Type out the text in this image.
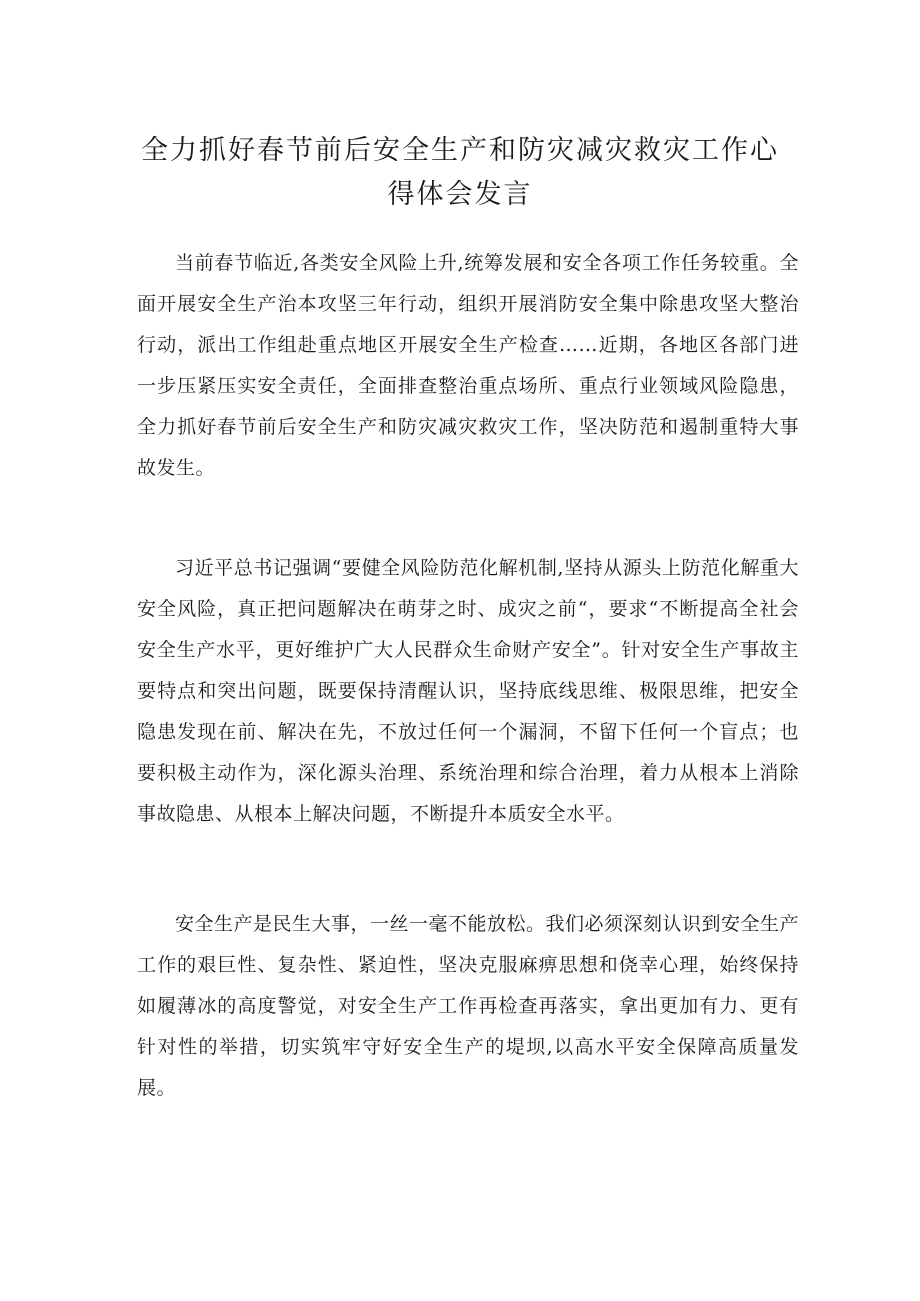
全力抓好春节前后安全生产和防灾减灾救灾工作心
得体会发言

当前春节临近,各类安全风险上升,统筹发展和安全各项工作任务较重。全面开展安全生产治本攻坚三年行动，组织开展消防安全集中除患攻坚大整治行动，派出工作组赴重点地区开展安全生产检查……近期，各地区各部门进一步压紧压实安全责任，全面排查整治重点场所、重点行业领域风险隐患，全力抓好春节前后安全生产和防灾减灾救灾工作，坚决防范和遏制重特大事故发生。

习近平总书记强调“要健全风险防范化解机制,坚持从源头上防范化解重大安全风险，真正把问题解决在萌芽之时、成灾之前“，要求“不断提高全社会安全生产水平，更好维护广大人民群众生命财产安全”。针对安全生产事故主要特点和突出问题，既要保持清醒认识，坚持底线思维、极限思维，把安全隐患发现在前、解决在先，不放过任何一个漏洞，不留下任何一个盲点；也要积极主动作为，深化源头治理、系统治理和综合治理，着力从根本上消除事故隐患、从根本上解决问题，不断提升本质安全水平。

安全生产是民生大事，一丝一毫不能放松。我们必须深刻认识到安全生产工作的艰巨性、复杂性、紧迫性，坚决克服麻痹思想和侥幸心理，始终保持如履薄冰的高度警觉，对安全生产工作再检查再落实，拿出更加有力、更有针对性的举措，切实筑牢守好安全生产的堤坝,以高水平安全保障高质量发展。
